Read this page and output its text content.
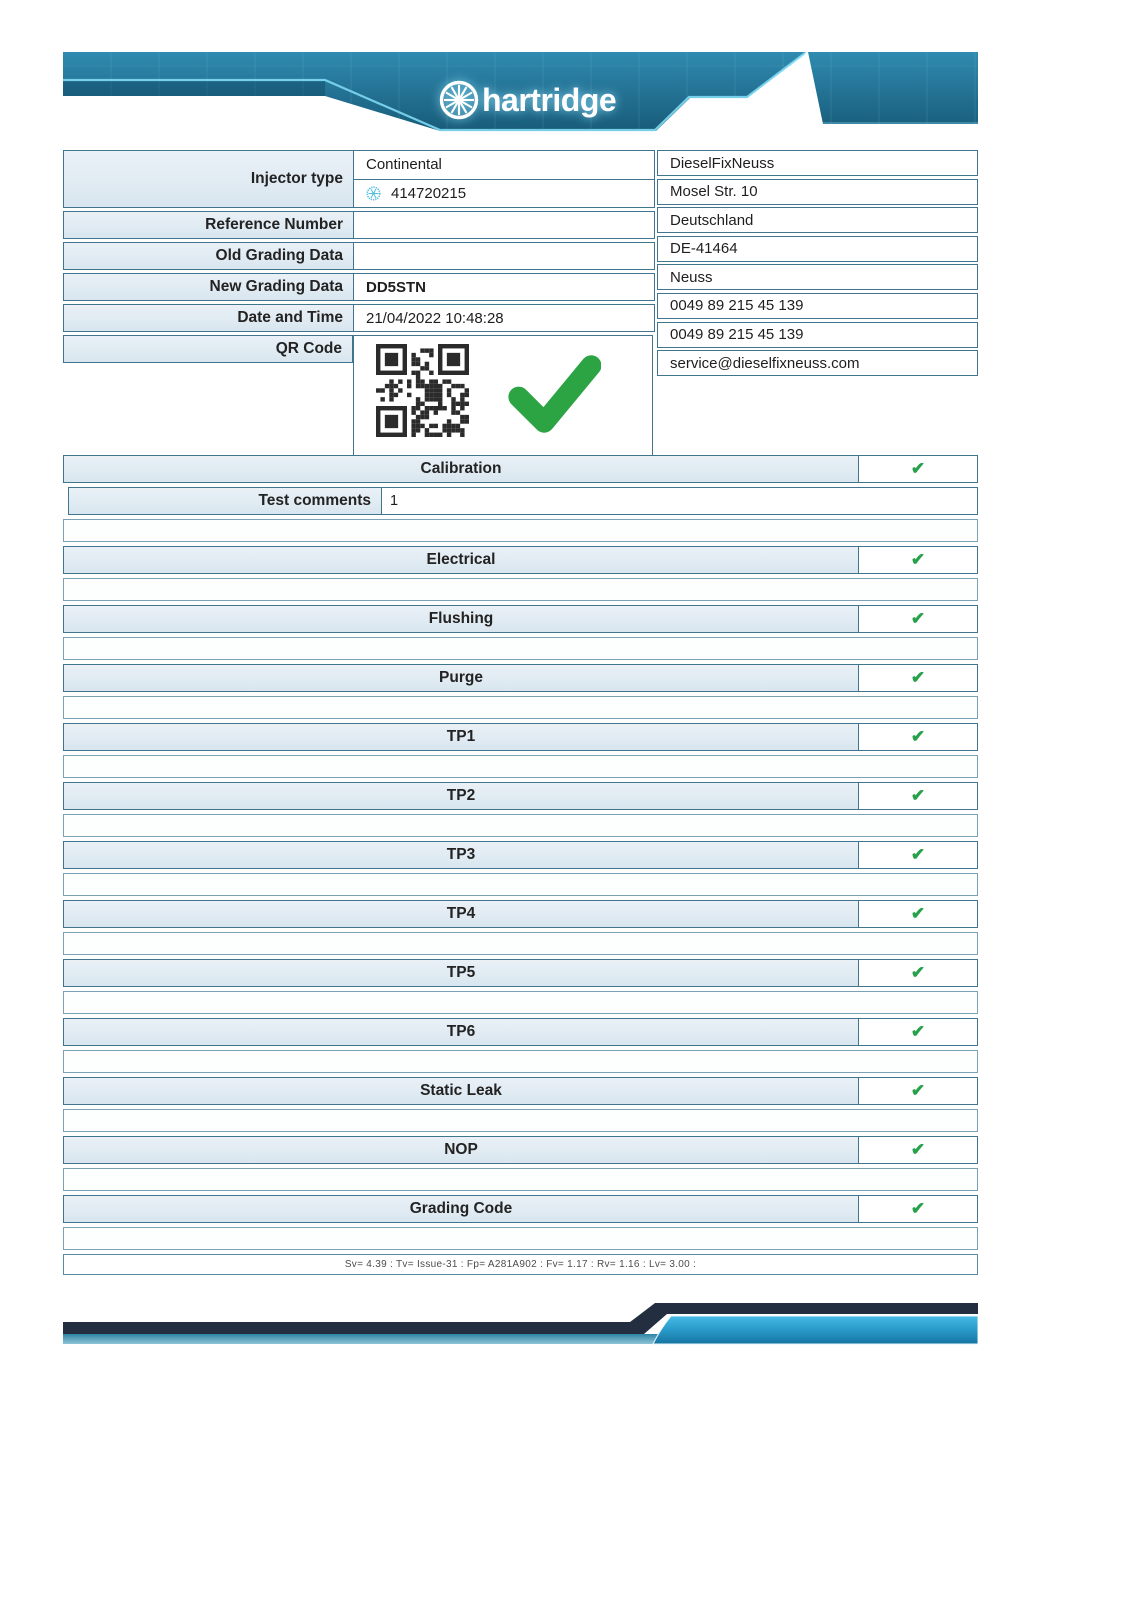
hartridge
Injector type
Continental
414720215
Reference Number
Old Grading Data
New Grading Data	DD5STN
Date and Time	21/04/2022 10:48:28
QR Code
DieselFixNeuss
Mosel Str. 10
Deutschland
DE-41464
Neuss
0049 89 215 45 139
0049 89 215 45 139
service@dieselfixneuss.com
Calibration	✔
Test comments	1
Electrical	✔
Flushing	✔
Purge	✔
TP1	✔
TP2	✔
TP3	✔
TP4	✔
TP5	✔
TP6	✔
Static Leak	✔
NOP	✔
Grading Code	✔
Sv= 4.39 : Tv= Issue-31 : Fp= A281A902 : Fv= 1.17 : Rv= 1.16 : Lv= 3.00 :
